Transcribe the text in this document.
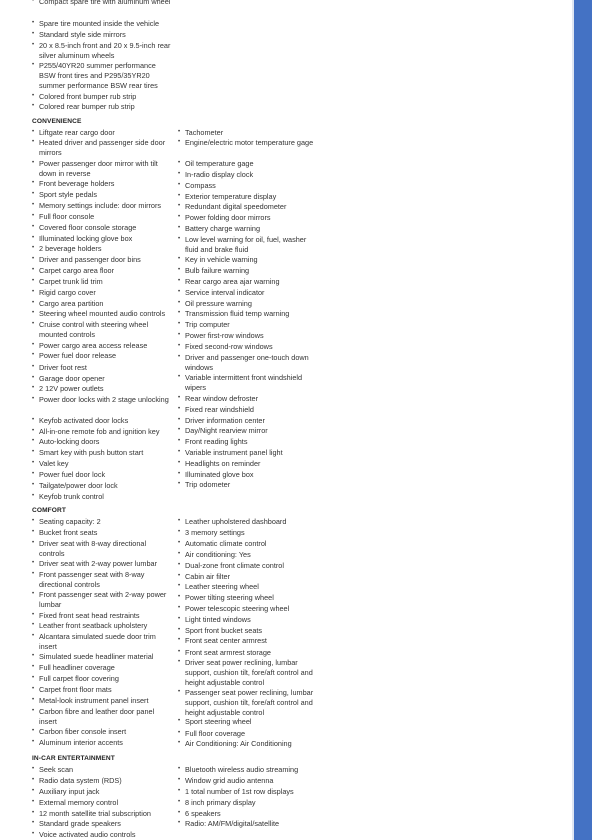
• Compact spare tire with aluminum wheel

• Spare tire mounted inside the vehicle

• Standard style side mirrors

• 20 x 8.5-inch front and 20 x 9.5-inch rear silver aluminum wheels

• P255/40YR20 summer performance BSW front tires and P295/35YR20 summer performance BSW rear tires

• Colored front bumper rub strip

• Colored rear bumper rub strip

CONVENIENCE

• Liftgate rear cargo door

• Heated driver and passenger side door mirrors

• Power passenger door mirror with tilt down in reverse

• Front beverage holders

• Sport style pedals

• Memory settings include: door mirrors

• Full floor console

• Covered floor console storage

• Illuminated locking glove box

• 2 beverage holders

• Driver and passenger door bins

• Carpet cargo area floor

• Carpet trunk lid trim

• Rigid cargo cover

• Cargo area partition

• Steering wheel mounted audio controls

• Cruise control with steering wheel mounted controls

• Power cargo area access release

• Power fuel door release

• Driver foot rest

• Garage door opener

• 2 12V power outlets

• Power door locks with 2 stage unlocking

• Keyfob activated door locks

• All-in-one remote fob and ignition key

• Auto-locking doors

• Smart key with push button start

• Valet key

• Power fuel door lock

• Tailgate/power door lock

• Keyfob trunk control

• Tachometer

• Engine/electric motor temperature gage

• Oil temperature gage

• In-radio display clock

• Compass

• Exterior temperature display

• Redundant digital speedometer

• Power folding door mirrors

• Battery charge warning

• Low level warning for oil, fuel, washer fluid and brake fluid

• Key in vehicle warning

• Bulb failure warning

• Rear cargo area ajar warning

• Service interval indicator

• Oil pressure warning

• Transmission fluid temp warning

• Trip computer

• Power first-row windows

• Fixed second-row windows

• Driver and passenger one-touch down windows

• Variable intermittent front windshield wipers

• Rear window defroster

• Fixed rear windshield

• Driver information center

• Day/Night rearview mirror

• Front reading lights

• Variable instrument panel light

• Headlights on reminder

• Illuminated glove box

• Trip odometer

COMFORT

• Seating capacity: 2

• Bucket front seats

• Driver seat with 8-way directional controls

• Driver seat with 2-way power lumbar

• Front passenger seat with 8-way directional controls

• Front passenger seat with 2-way power lumbar

• Fixed front seat head restraints

• Leather front seatback upholstery

• Alcantara simulated suede door trim insert

• Simulated suede headliner material

• Full headliner coverage

• Full carpet floor covering

• Carpet front floor mats

• Metal-look instrument panel insert

• Carbon fibre and leather door panel insert

• Carbon fiber console insert

• Aluminum interior accents

• Leather upholstered dashboard

• 3 memory settings

• Automatic climate control

• Air conditioning: Yes

• Dual-zone front climate control

• Cabin air filter

• Leather steering wheel

• Power tilting steering wheel

• Power telescopic steering wheel

• Light tinted windows

• Sport front bucket seats

• Front seat center armrest

• Front seat armrest storage

• Driver seat power reclining, lumbar support, cushion tilt, fore/aft control and height adjustable control

• Passenger seat power reclining, lumbar support, cushion tilt, fore/aft control and height adjustable control

• Sport steering wheel

• Full floor coverage

• Air Conditioning: Air Conditioning

IN-CAR ENTERTAINMENT

• Seek scan

• Radio data system (RDS)

• Auxiliary input jack

• External memory control

• 12 month satellite trial subscription

• Standard grade speakers

• Voice activated audio controls

• Bluetooth wireless audio streaming

• Window grid audio antenna

• 1 total number of 1st row displays

• 8 inch primary display

• 6 speakers

• Radio: AM/FM/digital/satellite
